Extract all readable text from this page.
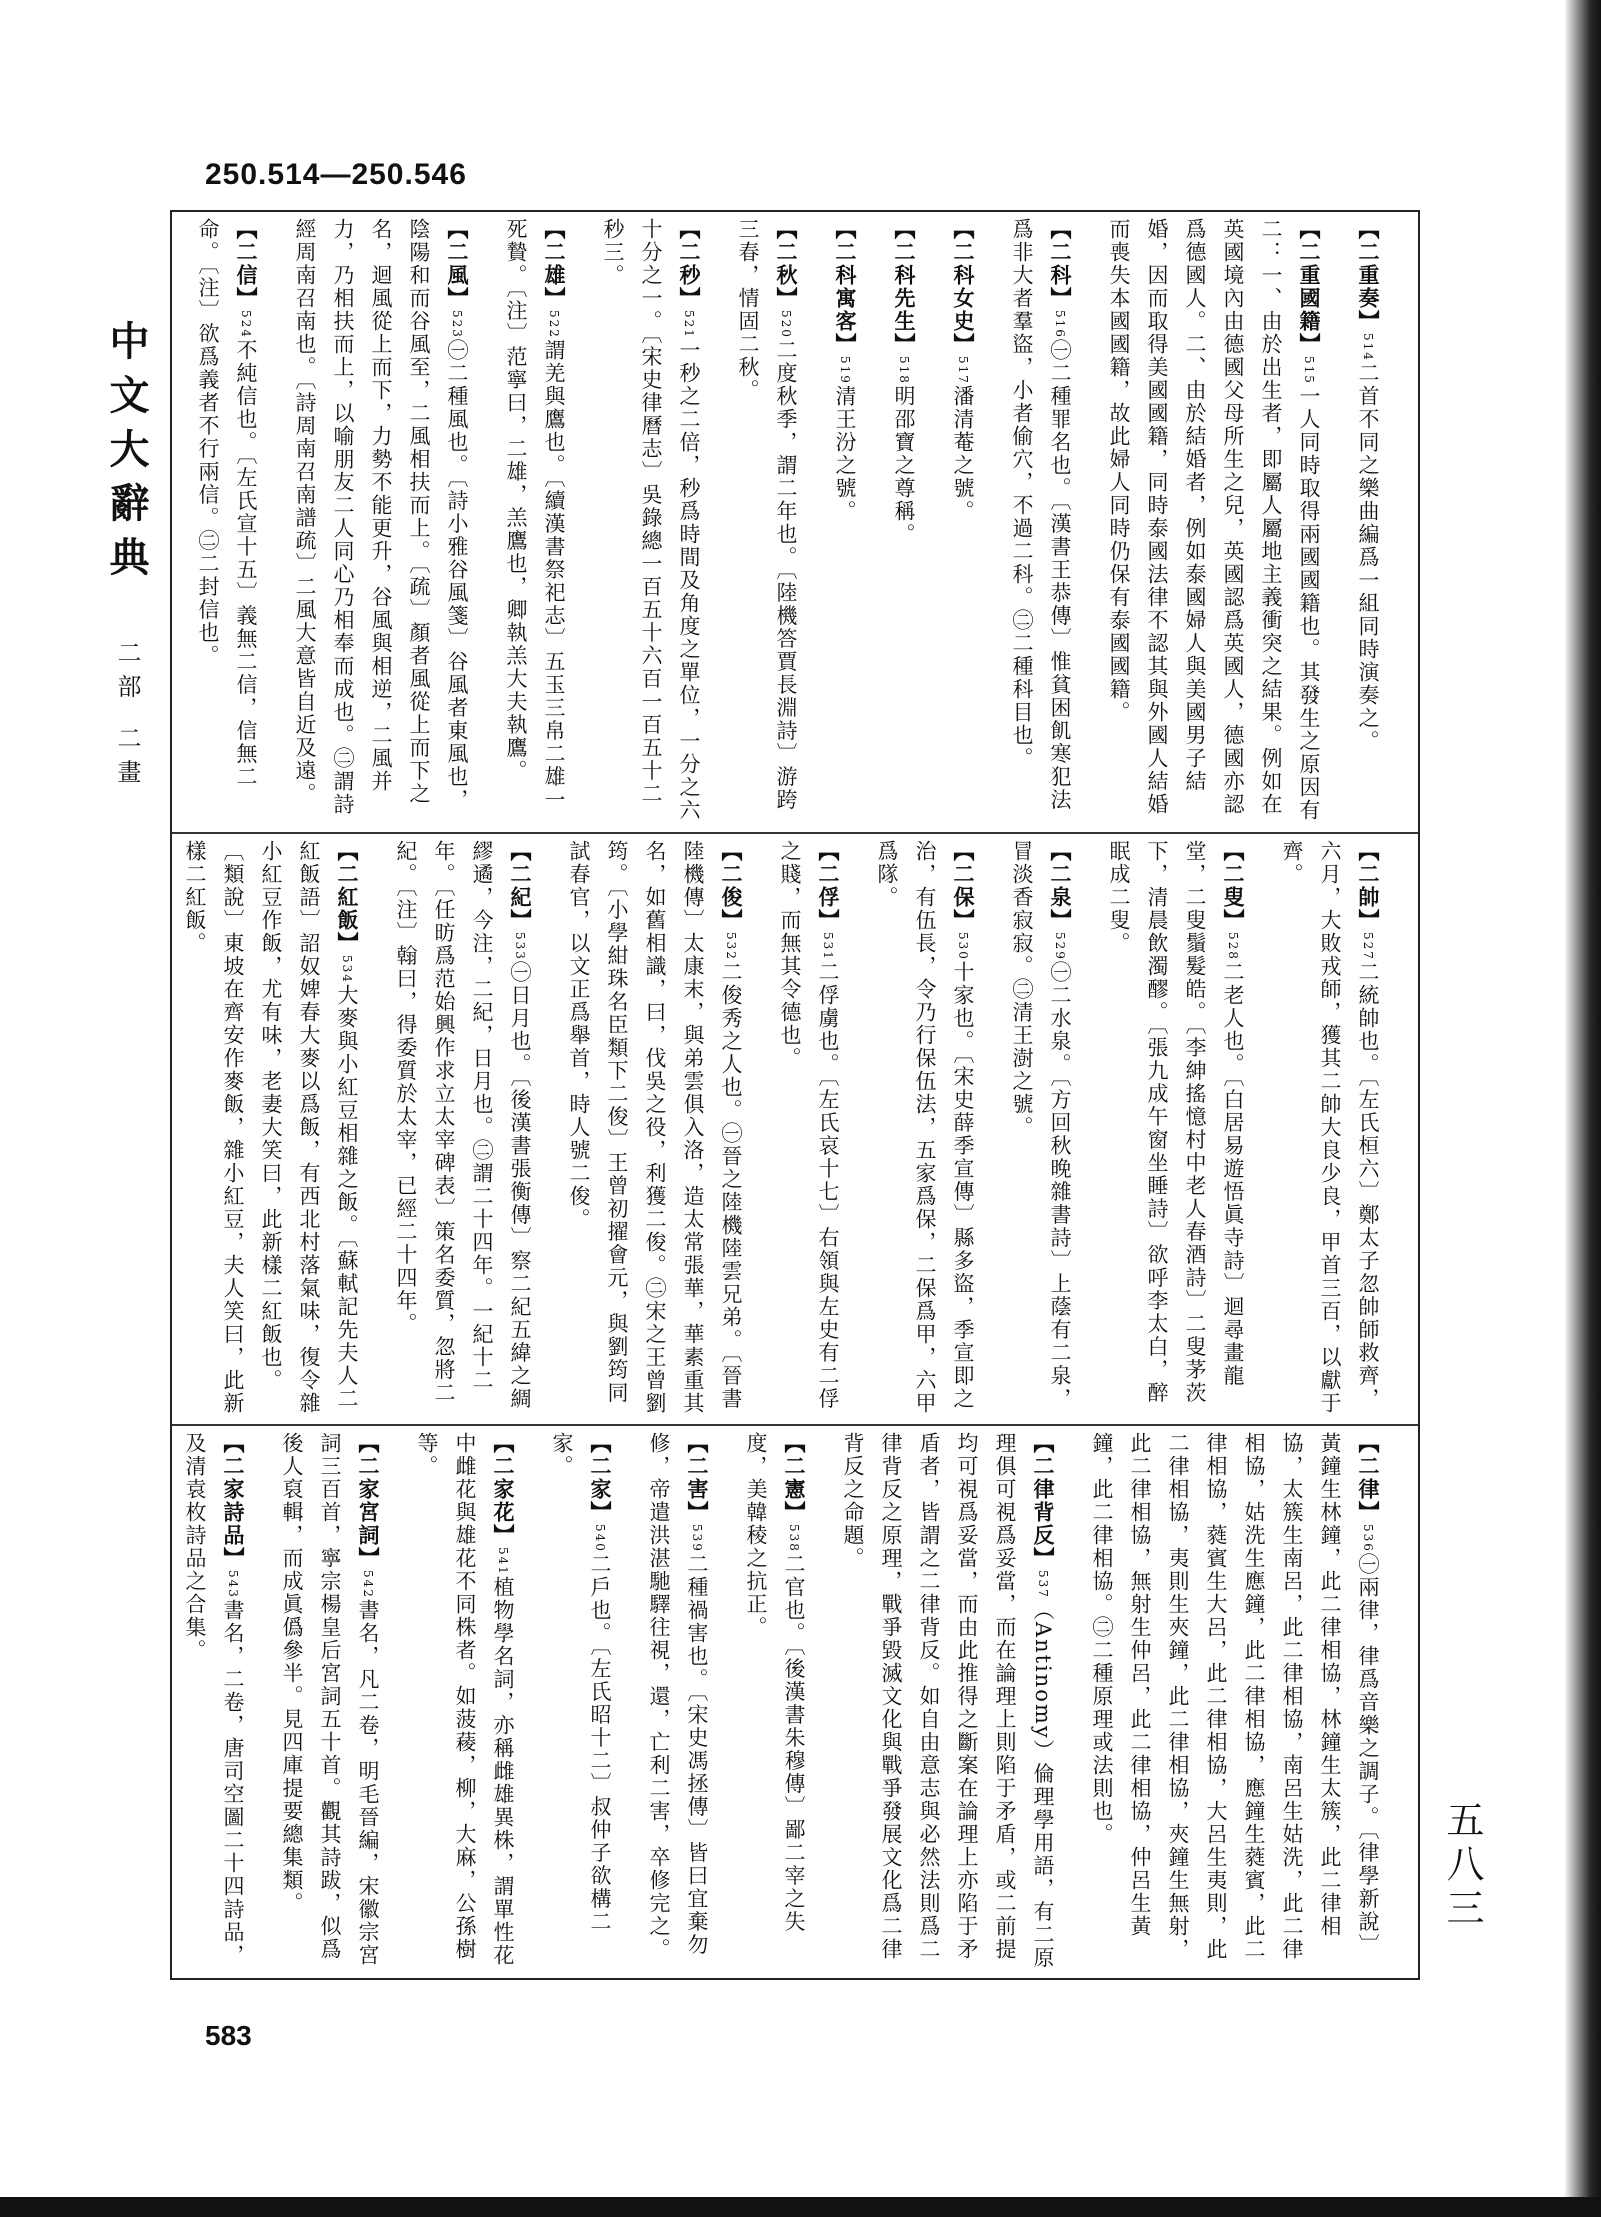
250.514—250.546
中文大辭典
二部 二畫
五八三

【二重奏】514二首不同之樂曲編爲一組同時演奏之。

【二重國籍】515一人同時取得兩國國籍也。其發生之原因有二：一、由於出生者，即屬人屬地主義衝突之結果。例如在英國境內由德國父母所生之兒，英國認爲英國人，德國亦認爲德國人。二、由於結婚者，例如泰國婦人與美國男子結婚，因而取得美國國籍，同時泰國法律不認其與外國人結婚而喪失本國國籍，故此婦人同時仍保有泰國國籍。

【二科】516㊀二種罪名也。〔漢書王恭傳〕惟貧困飢寒犯法爲非大者羣盜，小者偷穴，不過二科。㊁二種科目也。

【二科女史】517潘清菴之號。

【二科先生】518明邵寶之尊稱。

【二科寓客】519清王汾之號。

【二秋】520二度秋季，謂二年也。〔陸機答賈長淵詩〕游跨三春，情固二秋。

【二秒】521一秒之二倍，秒爲時間及角度之單位，一分之六十分之一。〔宋史律曆志〕吳錄總一百五十六百一百五十二秒三。

【二雄】522謂羌與鷹也。〔續漢書祭祀志〕五玉三帛二雄一死贄。〔注〕范寧曰，二雄，羔鷹也，卿執羔大夫執鷹。

【二風】523㊀二種風也。〔詩小雅谷風箋〕谷風者東風也，陰陽和而谷風至，二風相扶而上。〔疏〕顏者風從上而下之名，迴風從上而下，力勢不能更升，谷風與相逆，二風并力，乃相扶而上，以喻朋友二人同心乃相奉而成也。㊁謂詩經周南召南也。〔詩周南召南譜疏〕二風大意皆自近及遠。

【二信】524不純信也。〔左氏宣十五〕義無二信，信無二命。〔注〕欲爲義者不行兩信。㊁二封信也。

【二帥】527二統帥也。〔左氏桓六〕鄭太子忽帥師救齊，六月，大敗戎師，獲其二帥大良少良，甲首三百，以獻于齊。

【二叟】528二老人也。〔白居易遊悟眞寺詩〕迴尋畫龍堂，二叟鬚髮皓。〔李紳搖憶村中老人春酒詩〕二叟茅茨下，清晨飲濁醪。〔張九成午窗坐睡詩〕欲呼李太白，醉眠成二叟。

【二泉】529㊀二水泉。〔方回秋晚雜書詩〕上蔭有二泉，冒淡香寂寂。㊁清王澍之號。

【二保】530十家也。〔宋史薛季宣傳〕縣多盜，季宣即之治，有伍長，令乃行保伍法，五家爲保，二保爲甲，六甲爲隊。

【二俘】531二俘虜也。〔左氏哀十七〕右領與左史有二俘之賤，而無其令德也。

【二俊】532二俊秀之人也。㊀晉之陸機陸雲兄弟。〔晉書陸機傳〕太康末，與弟雲俱入洛，造太常張華，華素重其名，如舊相識，曰，伐吳之役，利獲二俊。㊁宋之王曾劉筠。〔小學紺珠名臣類下二俊〕王曾初擢會元，與劉筠同試春官，以文正爲舉首，時人號二俊。

【二紀】533㊀日月也。〔後漢書張衡傳〕察二紀五緯之綢繆遹，今注，二紀，日月也。㊁謂二十四年。一紀十二年。〔任昉爲范始興作求立太宰碑表〕策名委質，忽將二紀。〔注〕翰曰，得委質於太宰，已經二十四年。

【二紅飯】534大麥與小紅豆相雜之飯。〔蘇軾記先夫人二紅飯語〕詔奴婢春大麥以爲飯，有西北村落氣味，復令雜小紅豆作飯，尤有味，老妻大笑曰，此新樣二紅飯也。〔類說〕東坡在齊安作麥飯，雜小紅豆，夫人笑曰，此新樣二紅飯。

【二律】536㊀兩律，律爲音樂之調子。〔律學新說〕黃鐘生林鐘，此二律相協，林鐘生太簇，此二律相協，太簇生南呂，此二律相協，南呂生姑洗，此二律相協，姑洗生應鐘，此二律相協，應鐘生蕤賓，此二律相協，蕤賓生大呂，此二律相協，大呂生夷則，此二律相協，夷則生夾鐘，此二律相協，夾鐘生無射，此二律相協，無射生仲呂，此二律相協，仲呂生黃鐘，此二律相協。㊁二種原理或法則也。

【二律背反】537（Antinomy）倫理學用語，有二原理俱可視爲妥當，而在論理上則陷于矛盾，或二前提均可視爲妥當，而由此推得之斷案在論理上亦陷于矛盾者，皆謂之二律背反。如自由意志與必然法則爲二律背反之原理，戰爭毀滅文化與戰爭發展文化爲二律背反之命題。

【二憲】538二官也。〔後漢書朱穆傳〕鄙二宰之失度，美韓稜之抗正。

【二害】539二種禍害也。〔宋史馮拯傳〕皆曰宜棄勿修，帝遣洪湛馳驛往視，還，亡利二害，卒修完之。

【二家】540二戶也。〔左氏昭十二〕叔仲子欲構二家。

【二家花】541植物學名詞，亦稱雌雄異株，謂單性花中雌花與雄花不同株者。如菠薐，柳，大麻，公孫樹等。

【二家宮詞】542書名，凡二卷，明毛晉編，宋徽宗宮詞三百首，寧宗楊皇后宮詞五十首。觀其詩跋，似爲後人裒輯，而成眞僞參半。見四庫提要總集類。

【二家詩品】543書名，二卷，唐司空圖二十四詩品，及清袁枚詩品之合集。

583
